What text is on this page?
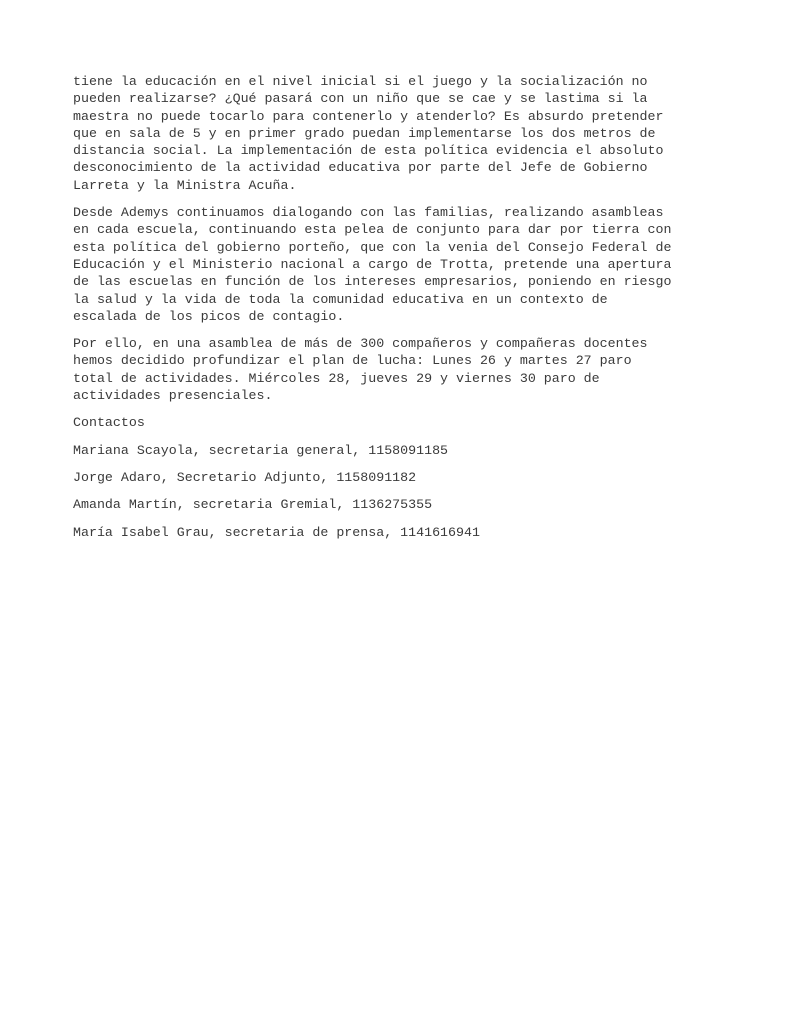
tiene la educación en el nivel inicial si el juego y la socialización no
pueden realizarse? ¿Qué pasará con un niño que se cae y se lastima si la
maestra no puede tocarlo para contenerlo y atenderlo? Es absurdo pretender
que en sala de 5 y en primer grado puedan implementarse los dos metros de
distancia social. La implementación de esta política evidencia el absoluto
desconocimiento de la actividad educativa por parte del Jefe de Gobierno
Larreta y la Ministra Acuña.
Desde Ademys continuamos dialogando con las familias, realizando asambleas
en cada escuela, continuando esta pelea de conjunto para dar por tierra con
esta política del gobierno porteño, que con la venia del Consejo Federal de
Educación y el Ministerio nacional a cargo de Trotta, pretende una apertura
de las escuelas en función de los intereses empresarios, poniendo en riesgo
la salud y la vida de toda la comunidad educativa en un contexto de
escalada de los picos de contagio.
Por ello, en una asamblea de más de 300 compañeros y compañeras docentes
hemos decidido profundizar el plan de lucha: Lunes 26 y martes 27 paro
total de actividades. Miércoles 28, jueves 29 y viernes 30 paro de
actividades presenciales.
Contactos
Mariana Scayola, secretaria general, 1158091185
Jorge Adaro, Secretario Adjunto, 1158091182
Amanda Martín, secretaria Gremial, 1136275355
María Isabel Grau, secretaria de prensa, 1141616941
